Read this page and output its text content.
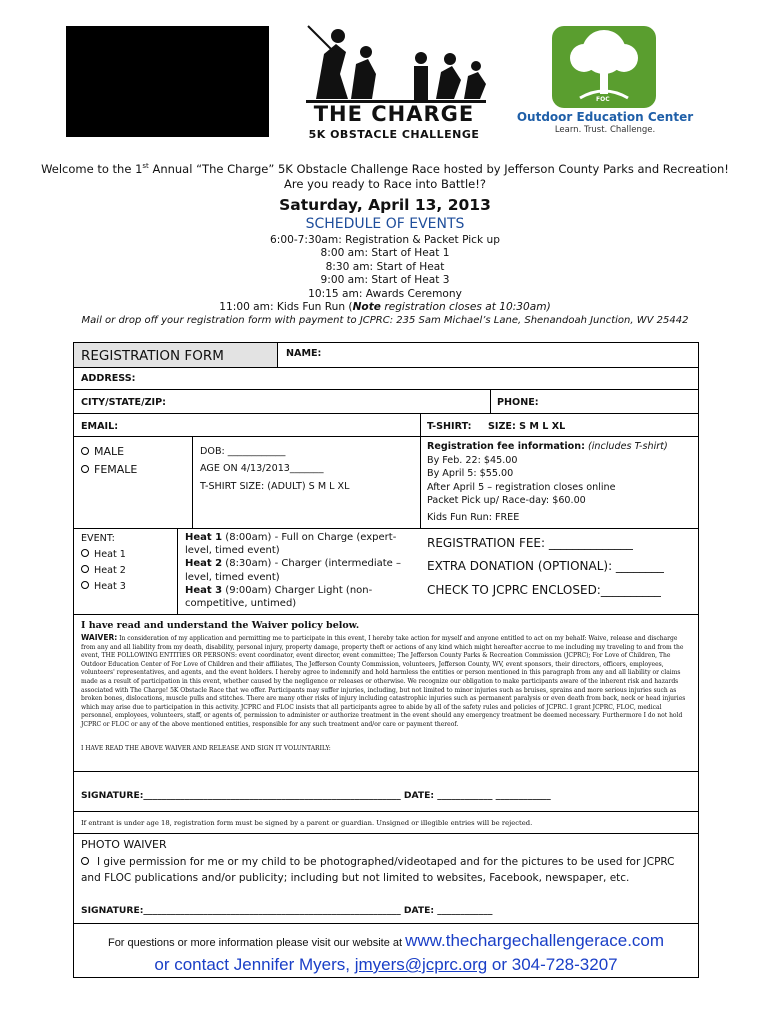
THE CHARGE
5K OBSTACLE CHALLENGE
FOC
Outdoor Education Center
Learn. Trust. Challenge.
Welcome to the 1st Annual “The Charge” 5K Obstacle Challenge Race hosted by Jefferson County Parks and Recreation!
Are you ready to Race into Battle!?
Saturday, April 13, 2013
SCHEDULE OF EVENTS
6:00-7:30am: Registration & Packet Pick up
8:00 am: Start of Heat 1
8:30 am: Start of Heat
9:00 am: Start of Heat 3
10:15 am: Awards Ceremony
11:00 am: Kids Fun Run (Note registration closes at 10:30am)
Mail or drop off your registration form with payment to JCPRC: 235 Sam Michael’s Lane, Shenandoah Junction, WV 25442
REGISTRATION FORM	NAME:
ADDRESS:
CITY/STATE/ZIP:	PHONE:
EMAIL:	T-SHIRT: SIZE: S M L XL
MALE
FEMALE
DOB: ____________
AGE ON 4/13/2013_______
T-SHIRT SIZE: (ADULT) S M L XL
Registration fee information: (includes T-shirt)
By Feb. 22: $45.00
By April 5: $55.00
After April 5 – registration closes online
Packet Pick up/ Race-day: $60.00
Kids Fun Run: FREE
EVENT:
Heat 1
Heat 2
Heat 3
Heat 1 (8:00am) - Full on Charge (expert-level, timed event)
Heat 2 (8:30am) - Charger (intermediate – level, timed event)
Heat 3 (9:00am) Charger Light (non-competitive, untimed)
REGISTRATION FEE: ______________
EXTRA DONATION (OPTIONAL): ________
CHECK TO JCPRC ENCLOSED:__________
I have read and understand the Waiver policy below.
WAIVER: In consideration of my application and permitting me to participate in this event, I hereby take action for myself and anyone entitled to act on my behalf: Waive, release and discharge from any and all liability from my death, disability, personal injury, property damage, property theft or actions of any kind which might hereafter accrue to me including my traveling to and from the event, THE FOLLOWING ENTITIES OR PERSONS: event coordinator, event director, event committee; The Jefferson County Parks & Recreation Commission (JCPRC); For Love of Children, The Outdoor Education Center of For Love of Children and their affiliates, The Jefferson County Commission, volunteers, Jefferson County, WV, event sponsors, their directors, officers, employees, volunteers' representatives, and agents, and the event holders. I hereby agree to indemnify and hold harmless the entities or person mentioned in this paragraph from any and all liability or claims made as a result of participation in this event, whether caused by the negligence or releases or otherwise. We recognize our obligation to make participants aware of the inherent risk and hazards associated with The Charge! 5K Obstacle Race that we offer. Participants may suffer injuries, including, but not limited to minor injuries such as bruises, sprains and more serious injuries such as broken bones, dislocations, muscle pulls and stitches. There are many other risks of injury including catastrophic injuries such as permanent paralysis or even death from back, neck or head injuries which may arise due to participation in this activity. JCPRC and FLOC insists that all participants agree to abide by all of the safety rules and policies of JCPRC. I grant JCPRC, FLOC, medical personnel, employees, volunteers, staff, or agents of, permission to administer or authorize treatment in the event should any emergency treatment be deemed necessary. Furthermore I do not hold JCPRC or FLOC or any of the above mentioned entities, responsible for any such treatment and/or care or payment thereof.
I HAVE READ THE ABOVE WAIVER AND RELEASE AND SIGN IT VOLUNTARILY:
SIGNATURE:________________________________________________________ DATE: ____________ ____________
If entrant is under age 18, registration form must be signed by a parent or guardian. Unsigned or illegible entries will be rejected.
PHOTO WAIVER
I give permission for me or my child to be photographed/videotaped and for the pictures to be used for JCPRC and FLOC publications and/or publicity; including but not limited to websites, Facebook, newspaper, etc.
SIGNATURE:________________________________________________________ DATE: ____________
For questions or more information please visit our website at www.thechargechallengerace.com
or contact Jennifer Myers, jmyers@jcprc.org or 304-728-3207
